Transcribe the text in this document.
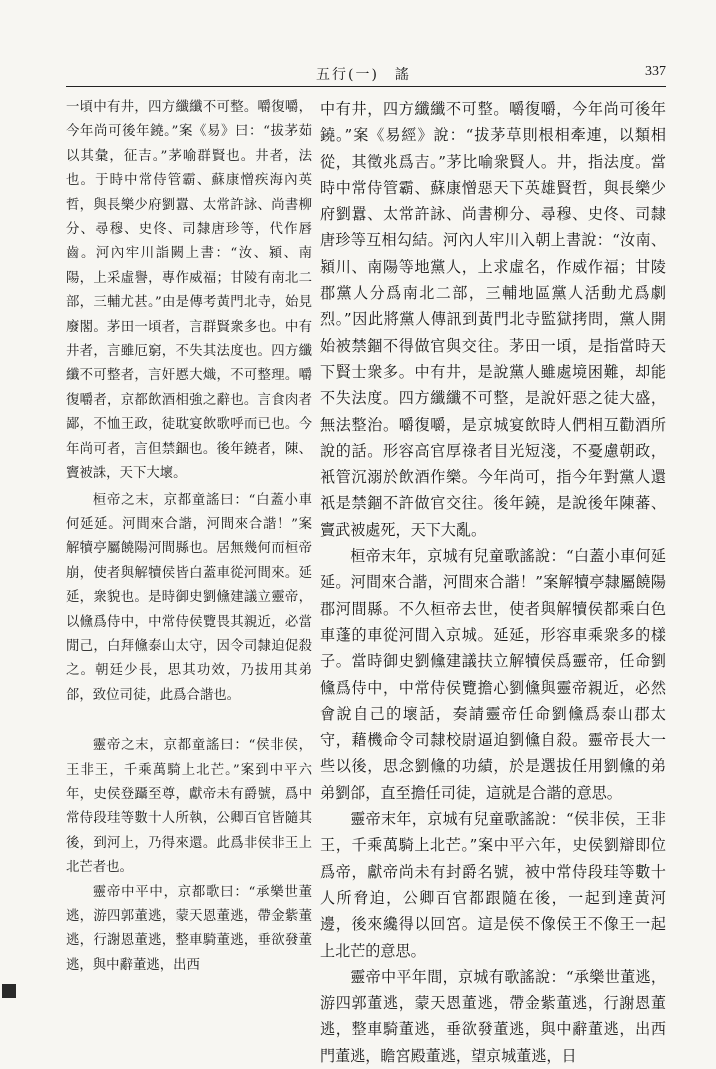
五行(一)　謠	337

一頃中有井，四方纖纖不可整。嚼復嚼，今年尚可後年鐃。”案《易》曰：“拔茅茹以其彙，征吉。”茅喻群賢也。井者，法也。于時中常侍管霸、蘇康憎疾海內英哲，與長樂少府劉囂、太常許詠、尚書柳分、尋穆、史佟、司隸唐珍等，代作唇齒。河內牢川詣闕上書：“汝、潁、南陽，上采虛譽，專作威福；甘陵有南北二部，三輔尤甚。”由是傳考黃門北寺，始見廢閣。茅田一頃者，言群賢衆多也。中有井者，言雖厄窮，不失其法度也。四方纖纖不可整者，言奸慝大熾，不可整理。嚼復嚼者，京都飲酒相強之辭也。言食肉者鄙，不恤王政，徒耽宴飲歌呼而已也。今年尚可者，言但禁錮也。後年鐃者，陳、竇被誅，天下大壞。

桓帝之末，京都童謠曰：“白蓋小車何延延。河間來合諧，河間來合諧！”案解犢亭屬饒陽河間縣也。居無幾何而桓帝崩，使者與解犢侯皆白蓋車從河間來。延延，衆貌也。是時御史劉儵建議立靈帝，以儵爲侍中，中常侍侯覽畏其親近，必當閒己，白拜儵泰山太守，因令司隸迫促殺之。朝廷少長，思其功效，乃拔用其弟郃，致位司徒，此爲合諧也。

靈帝之末，京都童謠曰：“侯非侯，王非王，千乘萬騎上北芒。”案到中平六年，史侯登躡至尊，獻帝未有爵號，爲中常侍段珪等數十人所執，公卿百官皆隨其後，到河上，乃得來還。此爲非侯非王上北芒者也。

靈帝中平中，京都歌曰：“承樂世董逃，游四郭董逃，蒙天恩董逃，帶金紫董逃，行謝恩董逃，整車騎董逃，垂欲發董逃，與中辭董逃，出西

中有井，四方纖纖不可整。嚼復嚼，今年尚可後年鐃。”案《易經》說：“拔茅草則根相牽連，以類相從，其徵兆爲吉。”茅比喻衆賢人。井，指法度。當時中常侍管霸、蘇康憎惡天下英雄賢哲，與長樂少府劉囂、太常許詠、尚書柳分、尋穆、史佟、司隸唐珍等互相勾結。河內人牢川入朝上書說：“汝南、潁川、南陽等地黨人，上求虛名，作威作福；甘陵郡黨人分爲南北二部，三輔地區黨人活動尤爲劇烈。”因此將黨人傳訊到黃門北寺監獄拷問，黨人開始被禁錮不得做官與交往。茅田一頃，是指當時天下賢士衆多。中有井，是說黨人雖處境困難，却能不失法度。四方纖纖不可整，是說奸惡之徒大盛，無法整治。嚼復嚼，是京城宴飲時人們相互勸酒所說的話。形容高官厚祿者目光短淺，不憂慮朝政，衹管沉溺於飲酒作樂。今年尚可，指今年對黨人還祇是禁錮不許做官交往。後年鐃，是說後年陳蕃、竇武被處死，天下大亂。

桓帝末年，京城有兒童歌謠說：“白蓋小車何延延。河間來合諧，河間來合諧！”案解犢亭隸屬饒陽郡河間縣。不久桓帝去世，使者與解犢侯都乘白色車蓬的車從河間入京城。延延，形容車乘衆多的樣子。當時御史劉儵建議扶立解犢侯爲靈帝，任命劉儵爲侍中，中常侍侯覽擔心劉儵與靈帝親近，必然會說自己的壞話，奏請靈帝任命劉儵爲泰山郡太守，藉機命令司隸校尉逼迫劉儵自殺。靈帝長大一些以後，思念劉儵的功績，於是選拔任用劉儵的弟弟劉郃，直至擔任司徒，這就是合諧的意思。

靈帝末年，京城有兒童歌謠說：“侯非侯，王非王，千乘萬騎上北芒。”案中平六年，史侯劉辯即位爲帝，獻帝尚未有封爵名號，被中常侍段珪等數十人所脅迫，公卿百官都跟隨在後，一起到達黃河邊，後來纔得以回宮。這是侯不像侯王不像王一起上北芒的意思。

靈帝中平年間，京城有歌謠說：“承樂世董逃，游四郭董逃，蒙天恩董逃，帶金紫董逃，行謝恩董逃，整車騎董逃，垂欲發董逃，與中辭董逃，出西門董逃，瞻宮殿董逃，望京城董逃，日
